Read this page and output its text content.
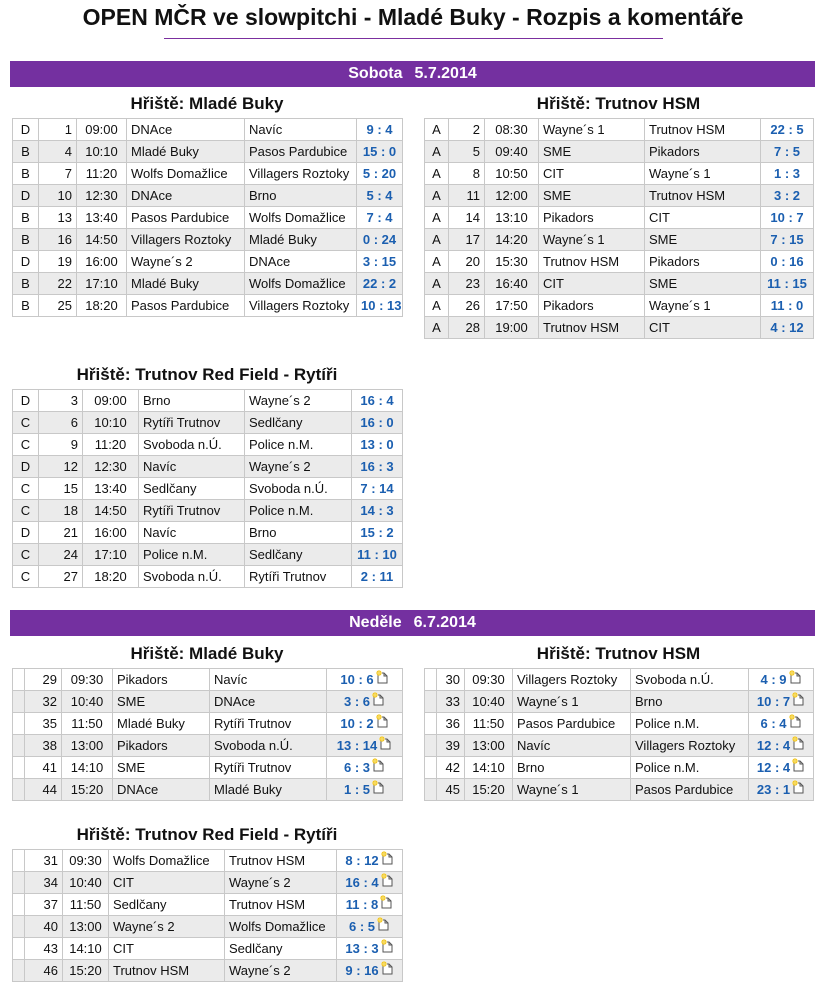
OPEN MČR ve slowpitchi - Mladé Buky - Rozpis a komentáře
Sobota 5.7.2014
Hřiště: Mladé Buky
D	1	09:00	DNAce	Navíc	9 : 4
B	4	10:10	Mladé Buky	Pasos Pardubice	15 : 0
B	7	11:20	Wolfs Domažlice	Villagers Roztoky	5 : 20
D	10	12:30	DNAce	Brno	5 : 4
B	13	13:40	Pasos Pardubice	Wolfs Domažlice	7 : 4
B	16	14:50	Villagers Roztoky	Mladé Buky	0 : 24
D	19	16:00	Wayne´s 2	DNAce	3 : 15
B	22	17:10	Mladé Buky	Wolfs Domažlice	22 : 2
B	25	18:20	Pasos Pardubice	Villagers Roztoky	10 : 13
Hřiště: Trutnov HSM
A	2	08:30	Wayne´s 1	Trutnov HSM	22 : 5
A	5	09:40	SME	Pikadors	7 : 5
A	8	10:50	CIT	Wayne´s 1	1 : 3
A	11	12:00	SME	Trutnov HSM	3 : 2
A	14	13:10	Pikadors	CIT	10 : 7
A	17	14:20	Wayne´s 1	SME	7 : 15
A	20	15:30	Trutnov HSM	Pikadors	0 : 16
A	23	16:40	CIT	SME	11 : 15
A	26	17:50	Pikadors	Wayne´s 1	11 : 0
A	28	19:00	Trutnov HSM	CIT	4 : 12
Hřiště: Trutnov Red Field - Rytíři
D	3	09:00	Brno	Wayne´s 2	16 : 4
C	6	10:10	Rytíři Trutnov	Sedlčany	16 : 0
C	9	11:20	Svoboda n.Ú.	Police n.M.	13 : 0
D	12	12:30	Navíc	Wayne´s 2	16 : 3
C	15	13:40	Sedlčany	Svoboda n.Ú.	7 : 14
C	18	14:50	Rytíři Trutnov	Police n.M.	14 : 3
D	21	16:00	Navíc	Brno	15 : 2
C	24	17:10	Police n.M.	Sedlčany	11 : 10
C	27	18:20	Svoboda n.Ú.	Rytíři Trutnov	2 : 11
Neděle 6.7.2014
Hřiště: Mladé Buky
	29	09:30	Pikadors	Navíc	10 : 6
	32	10:40	SME	DNAce	3 : 6
	35	11:50	Mladé Buky	Rytíři Trutnov	10 : 2
	38	13:00	Pikadors	Svoboda n.Ú.	13 : 14
	41	14:10	SME	Rytíři Trutnov	6 : 3
	44	15:20	DNAce	Mladé Buky	1 : 5
Hřiště: Trutnov HSM
	30	09:30	Villagers Roztoky	Svoboda n.Ú.	4 : 9
	33	10:40	Wayne´s 1	Brno	10 : 7
	36	11:50	Pasos Pardubice	Police n.M.	6 : 4
	39	13:00	Navíc	Villagers Roztoky	12 : 4
	42	14:10	Brno	Police n.M.	12 : 4
	45	15:20	Wayne´s 1	Pasos Pardubice	23 : 1
Hřiště: Trutnov Red Field - Rytíři
	31	09:30	Wolfs Domažlice	Trutnov HSM	8 : 12
	34	10:40	CIT	Wayne´s 2	16 : 4
	37	11:50	Sedlčany	Trutnov HSM	11 : 8
	40	13:00	Wayne´s 2	Wolfs Domažlice	6 : 5
	43	14:10	CIT	Sedlčany	13 : 3
	46	15:20	Trutnov HSM	Wayne´s 2	9 : 16
